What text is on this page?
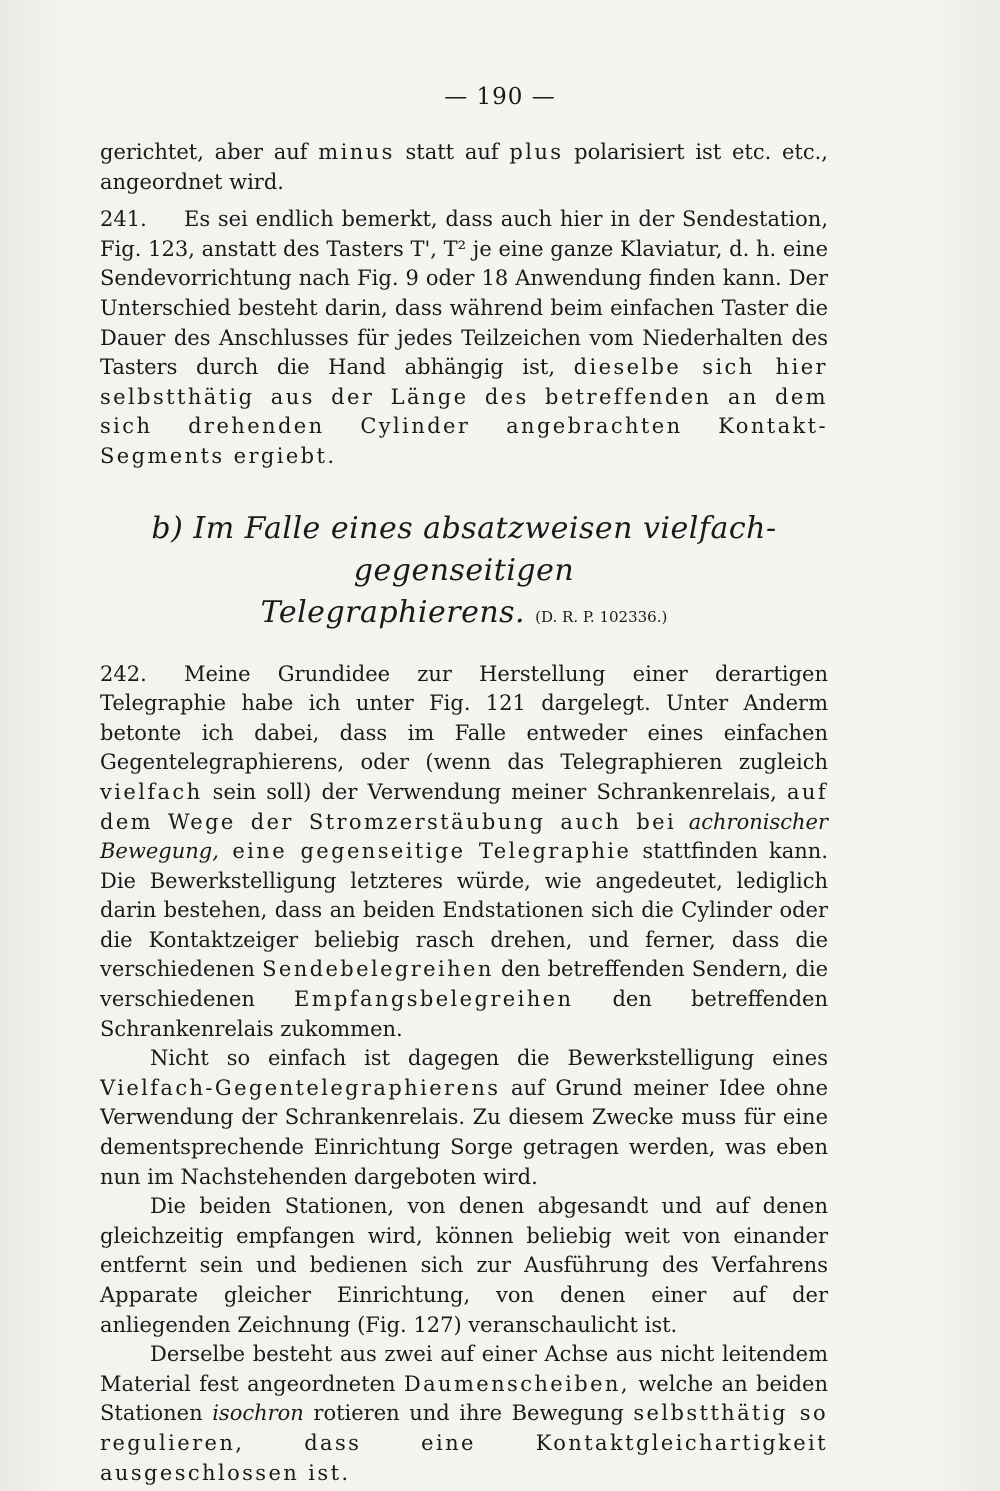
— 190 —

gerichtet, aber auf minus statt auf plus polarisiert ist etc. etc., angeordnet wird.

241. Es sei endlich bemerkt, dass auch hier in der Sendestation, Fig. 123, anstatt des Tasters T', T² je eine ganze Klaviatur, d. h. eine Sendevorrichtung nach Fig. 9 oder 18 Anwendung finden kann. Der Unterschied besteht darin, dass während beim einfachen Taster die Dauer des Anschlusses für jedes Teilzeichen vom Niederhalten des Tasters durch die Hand abhängig ist, dieselbe sich hier selbstthätig aus der Länge des betreffenden an dem sich drehenden Cylinder angebrachten Kontakt-Segments ergiebt.

b) Im Falle eines absatzweisen vielfach-gegenseitigen
Telegraphierens. (D. R. P. 102336.)

242. Meine Grundidee zur Herstellung einer derartigen Telegraphie habe ich unter Fig. 121 dargelegt. Unter Anderm betonte ich dabei, dass im Falle entweder eines einfachen Gegentelegraphierens, oder (wenn das Telegraphieren zugleich vielfach sein soll) der Verwendung meiner Schrankenrelais, auf dem Wege der Stromzerstäubung auch bei achronischer Bewegung, eine gegenseitige Telegraphie stattfinden kann. Die Bewerkstelligung letzteres würde, wie angedeutet, lediglich darin bestehen, dass an beiden Endstationen sich die Cylinder oder die Kontaktzeiger beliebig rasch drehen, und ferner, dass die verschiedenen Sendebelegreihen den betreffenden Sendern, die verschiedenen Empfangsbelegreihen den betreffenden Schrankenrelais zukommen.

Nicht so einfach ist dagegen die Bewerkstelligung eines Vielfach-Gegentelegraphierens auf Grund meiner Idee ohne Verwendung der Schrankenrelais. Zu diesem Zwecke muss für eine dementsprechende Einrichtung Sorge getragen werden, was eben nun im Nachstehenden dargeboten wird.

Die beiden Stationen, von denen abgesandt und auf denen gleichzeitig empfangen wird, können beliebig weit von einander entfernt sein und bedienen sich zur Ausführung des Verfahrens Apparate gleicher Einrichtung, von denen einer auf der anliegenden Zeichnung (Fig. 127) veranschaulicht ist.

Derselbe besteht aus zwei auf einer Achse aus nicht leitendem Material fest angeordneten Daumenscheiben, welche an beiden Stationen isochron rotieren und ihre Bewegung selbstthätig so regulieren, dass eine Kontaktgleichartigkeit ausgeschlossen ist.
